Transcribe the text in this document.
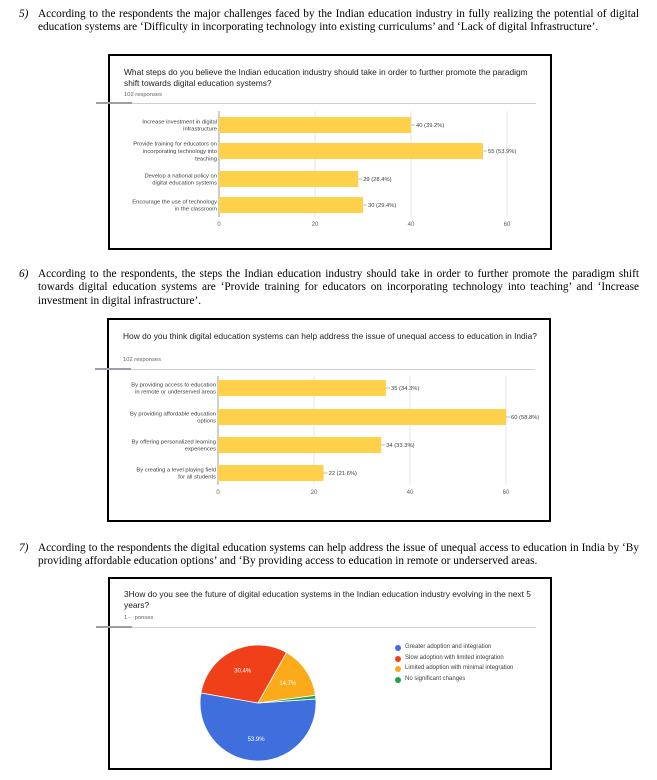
5) According to the respondents the major challenges faced by the Indian education industry in fully realizing the potential of digital education systems are ‘Difficulty in incorporating technology into existing curriculums’ and ‘Lack of digital Infrastructure’.
What steps do you believe the Indian education industry should take in order to further promote the paradigm shift towards digital education systems?
102 responses
40 (39.2%)
Increase investment in digital
infrastructure
55 (53.9%)
Provide training for educators on
incorporating technology into
teaching
29 (28.4%)
Develop a national policy on
digital education systems
30 (29.4%)
Encourage the use of technology
in the classroom
0	20	40	60
6) According to the respondents, the steps the Indian education industry should take in order to further promote the paradigm shift towards digital education systems are ‘Provide training for educators on incorporating technology into teaching’ and ‘Increase investment in digital infrastructure’.
How do you think digital education systems can help address the issue of unequal access to education in India?
102 responses
35 (34.3%)
By providing access to education
in remote or underserved areas
60 (58.8%)
By providing affordable education
options
34 (33.3%)
By offering personalized learning
experiences
22 (21.6%)
By creating a level playing field
for all students
0	20	40	60
7) According to the respondents the digital education systems can help address the issue of unequal access to education in India by ‘By providing affordable education options’ and ‘By providing access to education in remote or underserved areas.
3How do you see the future of digital education systems in the Indian education industry evolving in the next 5 years?
1·· ·ponses
53.9%
30.4%
14.7%
Greater adoption and integration
Slow adoption with limited integration
Limited adoption with minimal integration
No significant changes
